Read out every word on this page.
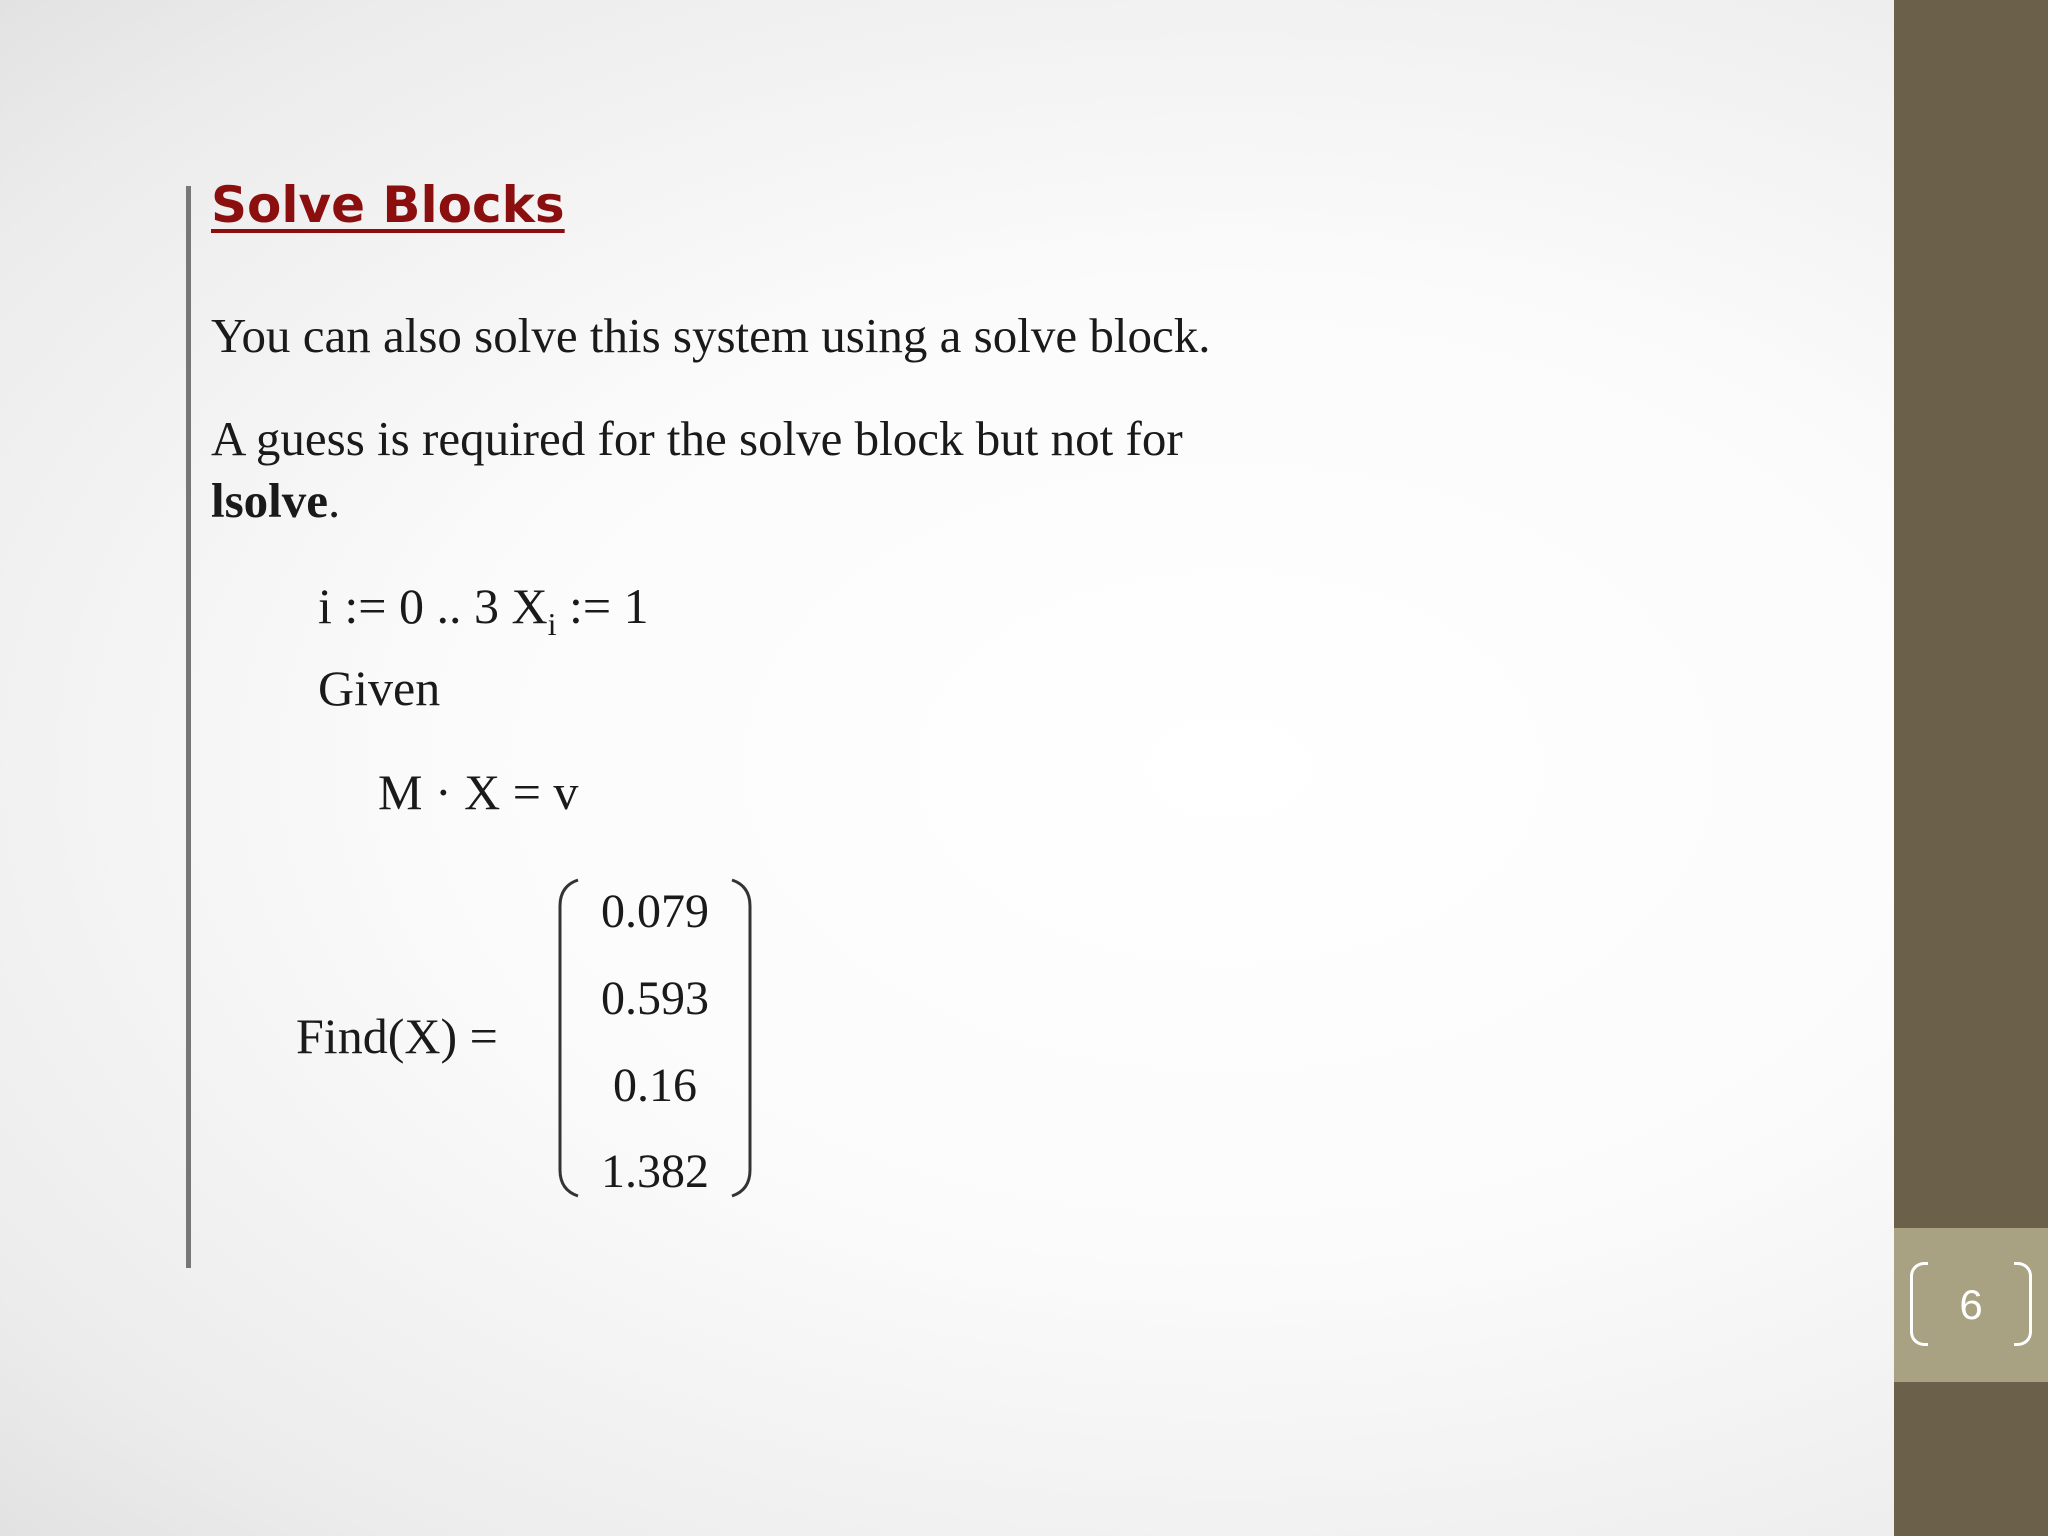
Solve Blocks

You can also solve this system using a solve block.

A guess is required for the solve block but not for
lsolve.

i := 0 .. 3 $X_i$ := 1
Given
M · X = v
Find(X) =
0.079
0.593
0.16
1.382
6
